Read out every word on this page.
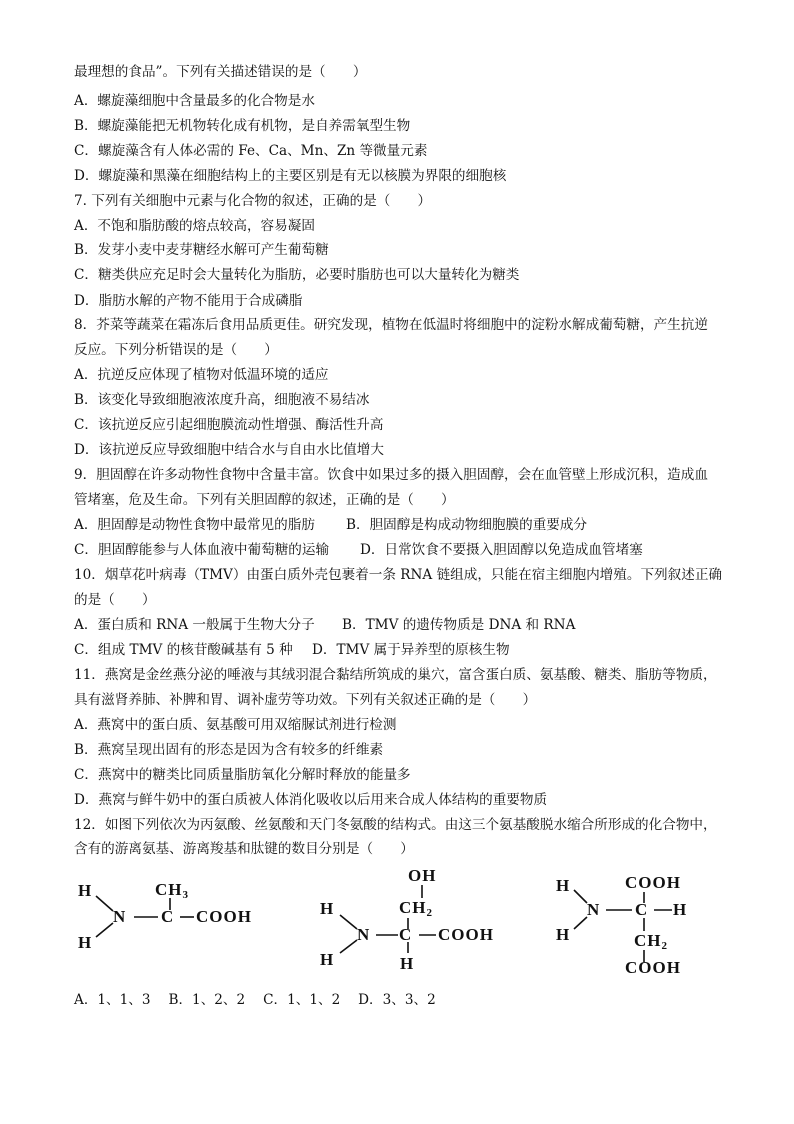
最理想的食品”。下列有关描述错误的是（　　）
A．螺旋藻细胞中含量最多的化合物是水
B．螺旋藻能把无机物转化成有机物，是自养需氧型生物
C．螺旋藻含有人体必需的 Fe、Ca、Mn、Zn 等微量元素
D．螺旋藻和黑藻在细胞结构上的主要区别是有无以核膜为界限的细胞核
7. 下列有关细胞中元素与化合物的叙述，正确的是（　　）
A．不饱和脂肪酸的熔点较高，容易凝固
B．发芽小麦中麦芽糖经水解可产生葡萄糖
C．糖类供应充足时会大量转化为脂肪，必要时脂肪也可以大量转化为糖类
D．脂肪水解的产物不能用于合成磷脂
8．芥菜等蔬菜在霜冻后食用品质更佳。研究发现，植物在低温时将细胞中的淀粉水解成葡萄糖，产生抗逆
反应。下列分析错误的是（　　）
A．抗逆反应体现了植物对低温环境的适应
B．该变化导致细胞液浓度升高，细胞液不易结冰
C．该抗逆反应引起细胞膜流动性增强、酶活性升高
D．该抗逆反应导致细胞中结合水与自由水比值增大
9．胆固醇在许多动物性食物中含量丰富。饮食中如果过多的摄入胆固醇，会在血管壁上形成沉积，造成血
管堵塞，危及生命。下列有关胆固醇的叙述，正确的是（　　）
A．胆固醇是动物性食物中最常见的脂肪 B．胆固醇是构成动物细胞膜的重要成分
C．胆固醇能参与人体血液中葡萄糖的运输 D．日常饮食不要摄入胆固醇以免造成血管堵塞
10．烟草花叶病毒（TMV）由蛋白质外壳包裹着一条 RNA 链组成，只能在宿主细胞内增殖。下列叙述正确
的是（　　）
A．蛋白质和 RNA 一般属于生物大分子 B．TMV 的遗传物质是 DNA 和 RNA
C．组成 TMV 的核苷酸碱基有 5 种 D．TMV 属于异养型的原核生物
11．燕窝是金丝燕分泌的唾液与其绒羽混合黏结所筑成的巢穴，富含蛋白质、氨基酸、糖类、脂肪等物质，
具有滋肾养肺、补脾和胃、调补虚劳等功效。下列有关叙述正确的是（　　）
A．燕窝中的蛋白质、氨基酸可用双缩脲试剂进行检测
B．燕窝呈现出固有的形态是因为含有较多的纤维素
C．燕窝中的糖类比同质量脂肪氧化分解时释放的能量多
D．燕窝与鲜牛奶中的蛋白质被人体消化吸收以后用来合成人体结构的重要物质
12．如图下列依次为丙氨酸、丝氨酸和天门冬氨酸的结构式。由这三个氨基酸脱水缩合所形成的化合物中，
含有的游离氨基、游离羧基和肽键的数目分别是（　　）
H
N
H
$CH_3$
C COOH
OH
$CH_2$
H
N
H
C COOH
H
COOH
H
N
H
C H
$CH_2$
COOH
A．1、1、3　 B．1、2、2　 C．1、1、2　 D．3、3、2
